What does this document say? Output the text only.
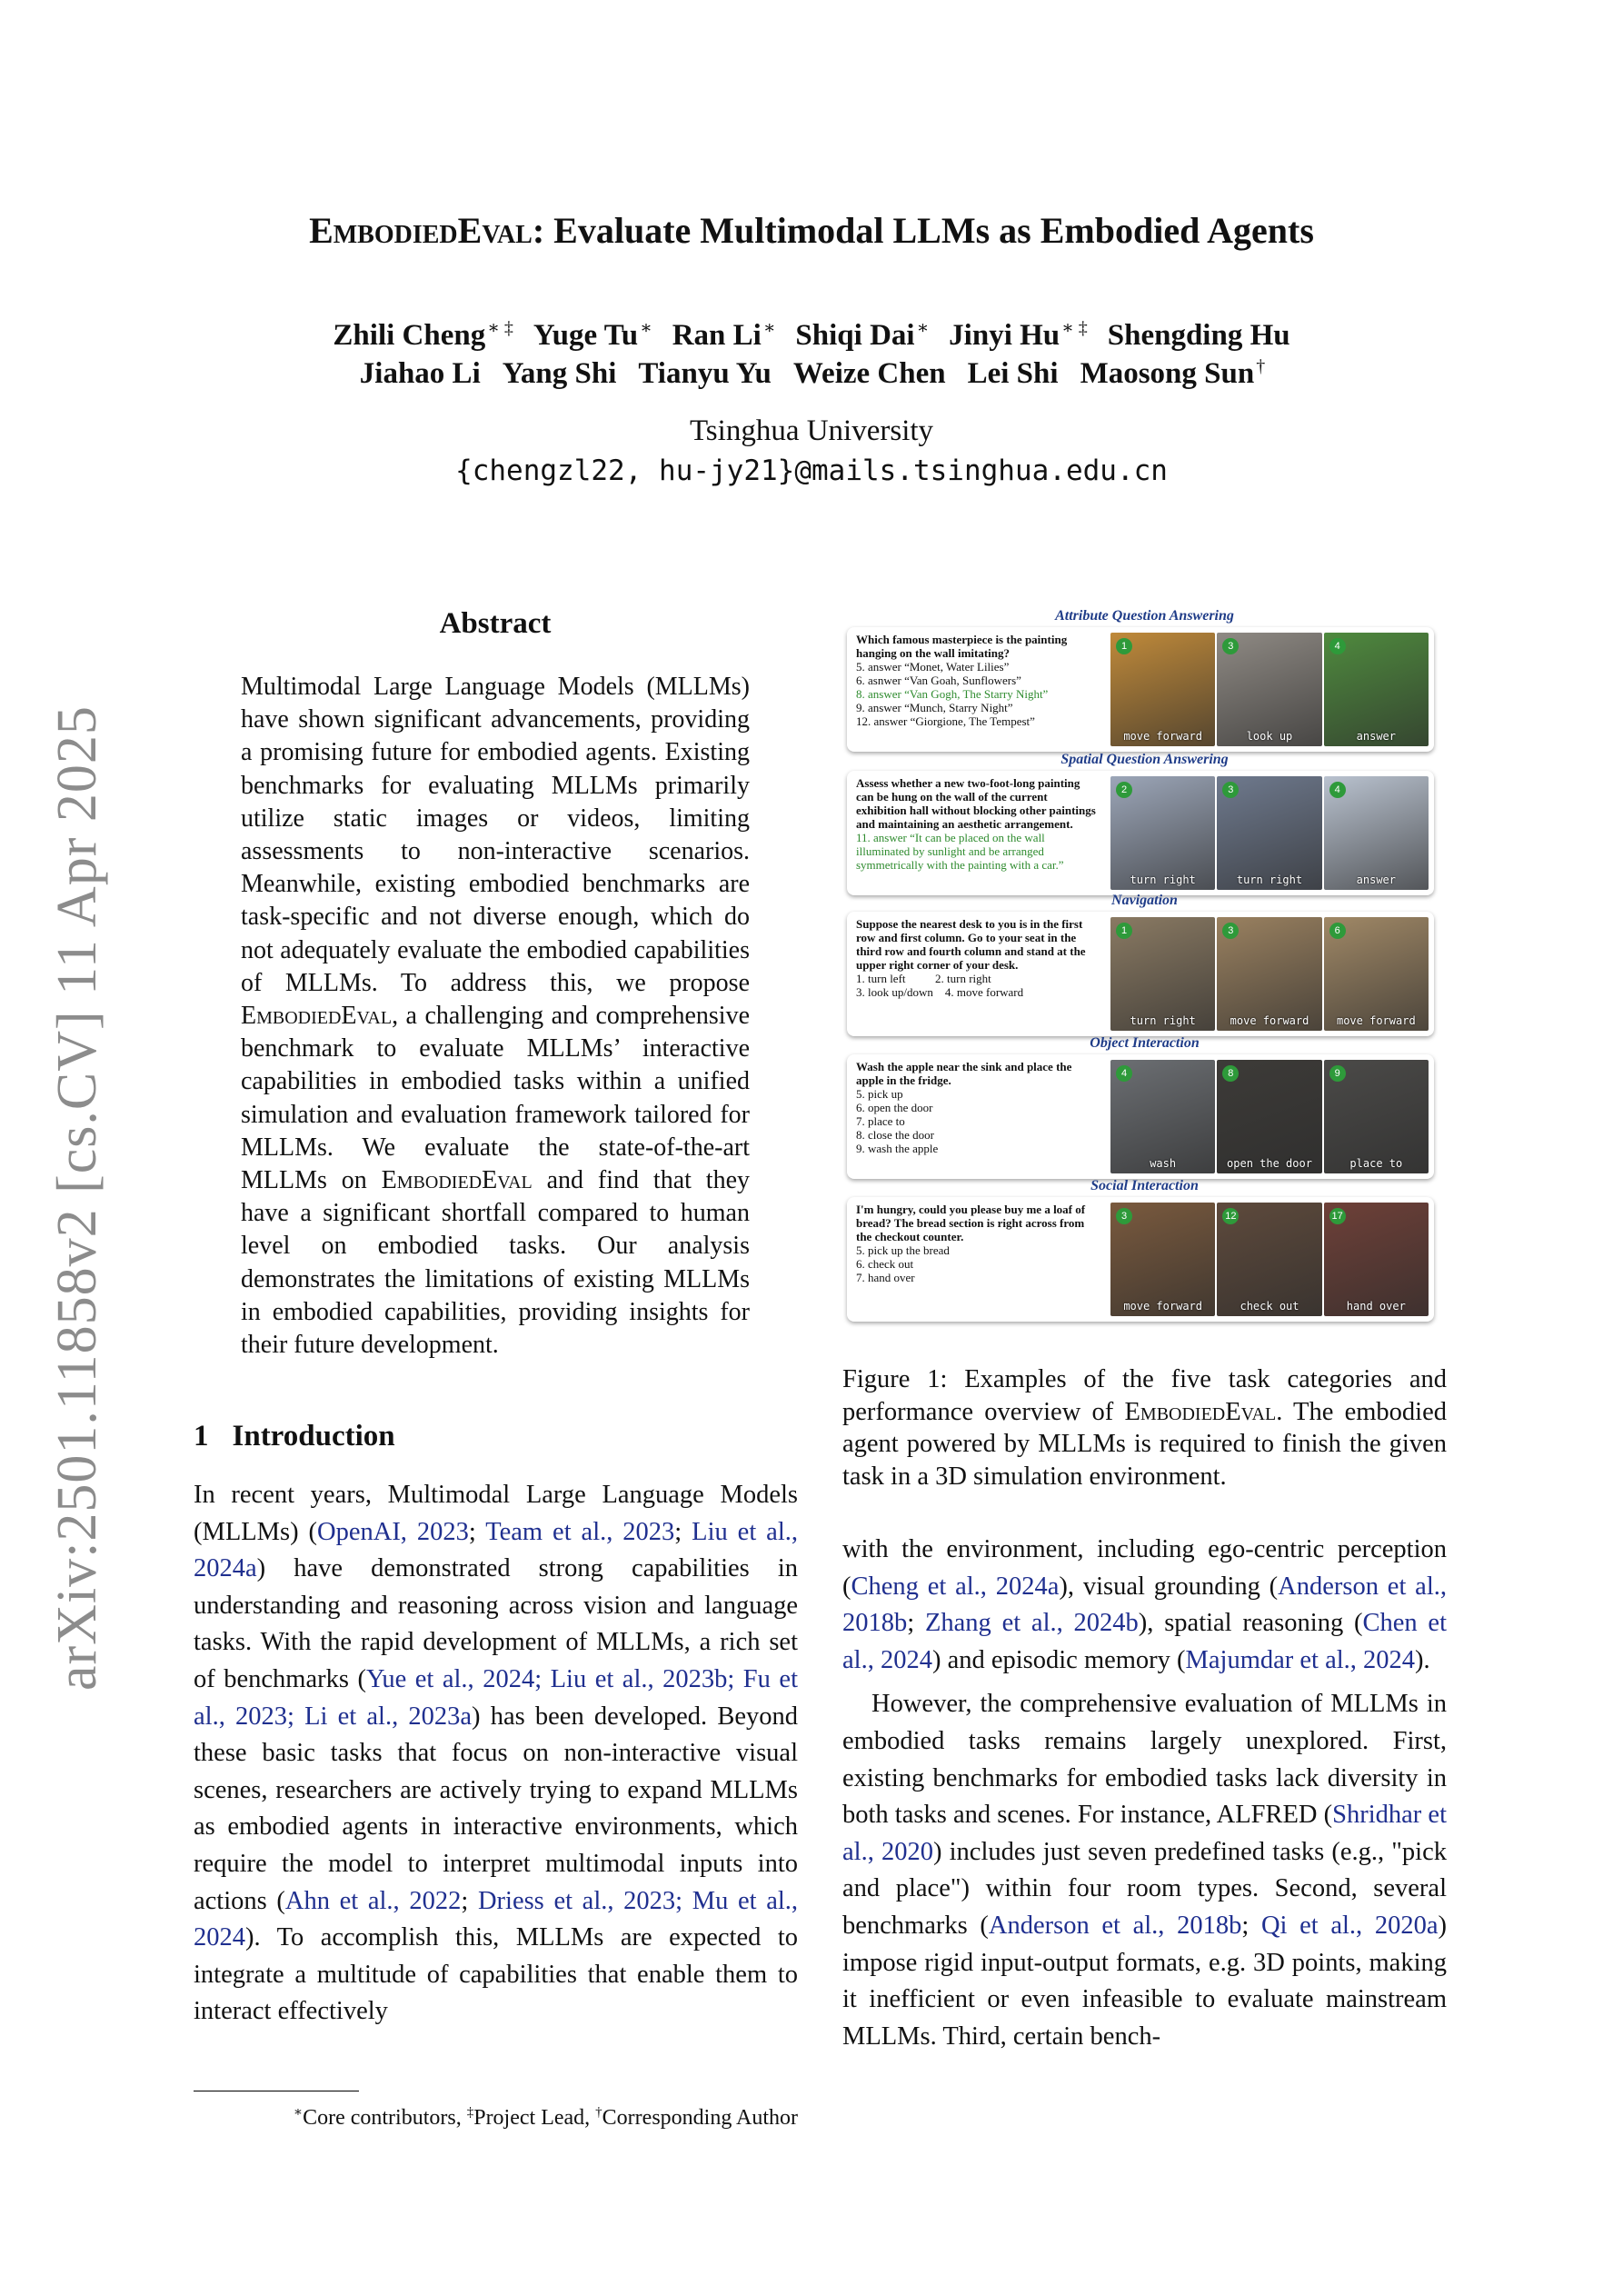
arXiv:2501.11858v2 [cs.CV] 11 Apr 2025
EmbodiedEval: Evaluate Multimodal LLMs as Embodied Agents
Zhili Cheng ∗ ‡ Yuge Tu ∗ Ran Li ∗ Shiqi Dai ∗ Jinyi Hu ∗ ‡ Shengding Hu
Jiahao Li Yang Shi Tianyu Yu Weize Chen Lei Shi Maosong Sun †
Tsinghua University
{chengzl22, hu-jy21}@mails.tsinghua.edu.cn
Abstract
Multimodal Large Language Models (MLLMs) have shown significant advancements, providing a promising future for embodied agents. Existing benchmarks for evaluating MLLMs primarily utilize static images or videos, limiting assessments to non-interactive scenarios. Meanwhile, existing embodied benchmarks are task-specific and not diverse enough, which do not adequately evaluate the embodied capabilities of MLLMs. To address this, we propose EmbodiedEval, a challenging and comprehensive benchmark to evaluate MLLMs’ interactive capabilities in embodied tasks within a unified simulation and evaluation framework tailored for MLLMs. We evaluate the state-of-the-art MLLMs on EmbodiedEval and find that they have a significant shortfall compared to human level on embodied tasks. Our analysis demonstrates the limitations of existing MLLMs in embodied capabilities, providing insights for their future development.
1 Introduction

In recent years, Multimodal Large Language Models (MLLMs) (OpenAI, 2023; Team et al., 2023; Liu et al., 2024a) have demonstrated strong capabilities in understanding and reasoning across vision and language tasks. With the rapid development of MLLMs, a rich set of benchmarks (Yue et al., 2024; Liu et al., 2023b; Fu et al., 2023; Li et al., 2023a) has been developed. Beyond these basic tasks that focus on non-interactive visual scenes, researchers are actively trying to expand MLLMs as embodied agents in interactive environments, which require the model to interpret multimodal inputs into actions (Ahn et al., 2022; Driess et al., 2023; Mu et al., 2024). To accomplish this, MLLMs are expected to integrate a multitude of capabilities that enable them to interact effectively

∗Core contributors, ‡Project Lead, †Corresponding Author
Attribute Question Answering
Which famous masterpiece is the painting hanging on the wall imitating?
5. answer “Monet, Water Lilies”
6. asnwer “Van Goah, Sunflowers”
8. answer “Van Gogh, The Starry Night”
9. answer “Munch, Starry Night”
12. answer “Giorgione, The Tempest”
1
move forward
3
look up
4
answer
Spatial Question Answering
Assess whether a new two-foot-long painting can be hung on the wall of the current exhibition hall without blocking other paintings and maintaining an aesthetic arrangement.
11. answer “It can be placed on the wall illuminated by sunlight and be arranged symmetrically with the painting with a car.”
2
turn right
3
turn right
4
answer
Navigation
Suppose the nearest desk to you is in the first row and first column. Go to your seat in the third row and fourth column and stand at the upper right corner of your desk.
1. turn left          2. turn right
3. look up/down    4. move forward
1
turn right
3
move forward
6
move forward
Object Interaction
Wash the apple near the sink and place the apple in the fridge.
5. pick up
6. open the door
7. place to
8. close the door
9. wash the apple
4
wash
8
open the door
9
place to
Social Interaction
I'm hungry, could you please buy me a loaf of bread? The bread section is right across from the checkout counter.
5. pick up the bread
6. check out
7. hand over
3
move forward
12
check out
17
hand over
Figure 1: Examples of the five task categories and performance overview of EmbodiedEval. The embodied agent powered by MLLMs is required to finish the given task in a 3D simulation environment.

with the environment, including ego-centric perception (Cheng et al., 2024a), visual grounding (Anderson et al., 2018b; Zhang et al., 2024b), spatial reasoning (Chen et al., 2024) and episodic memory (Majumdar et al., 2024).

However, the comprehensive evaluation of MLLMs in embodied tasks remains largely unexplored. First, existing benchmarks for embodied tasks lack diversity in both tasks and scenes. For instance, ALFRED (Shridhar et al., 2020) includes just seven predefined tasks (e.g., "pick and place") within four room types. Second, several benchmarks (Anderson et al., 2018b; Qi et al., 2020a) impose rigid input-output formats, e.g. 3D points, making it inefficient or even infeasible to evaluate mainstream MLLMs. Third, certain bench-
